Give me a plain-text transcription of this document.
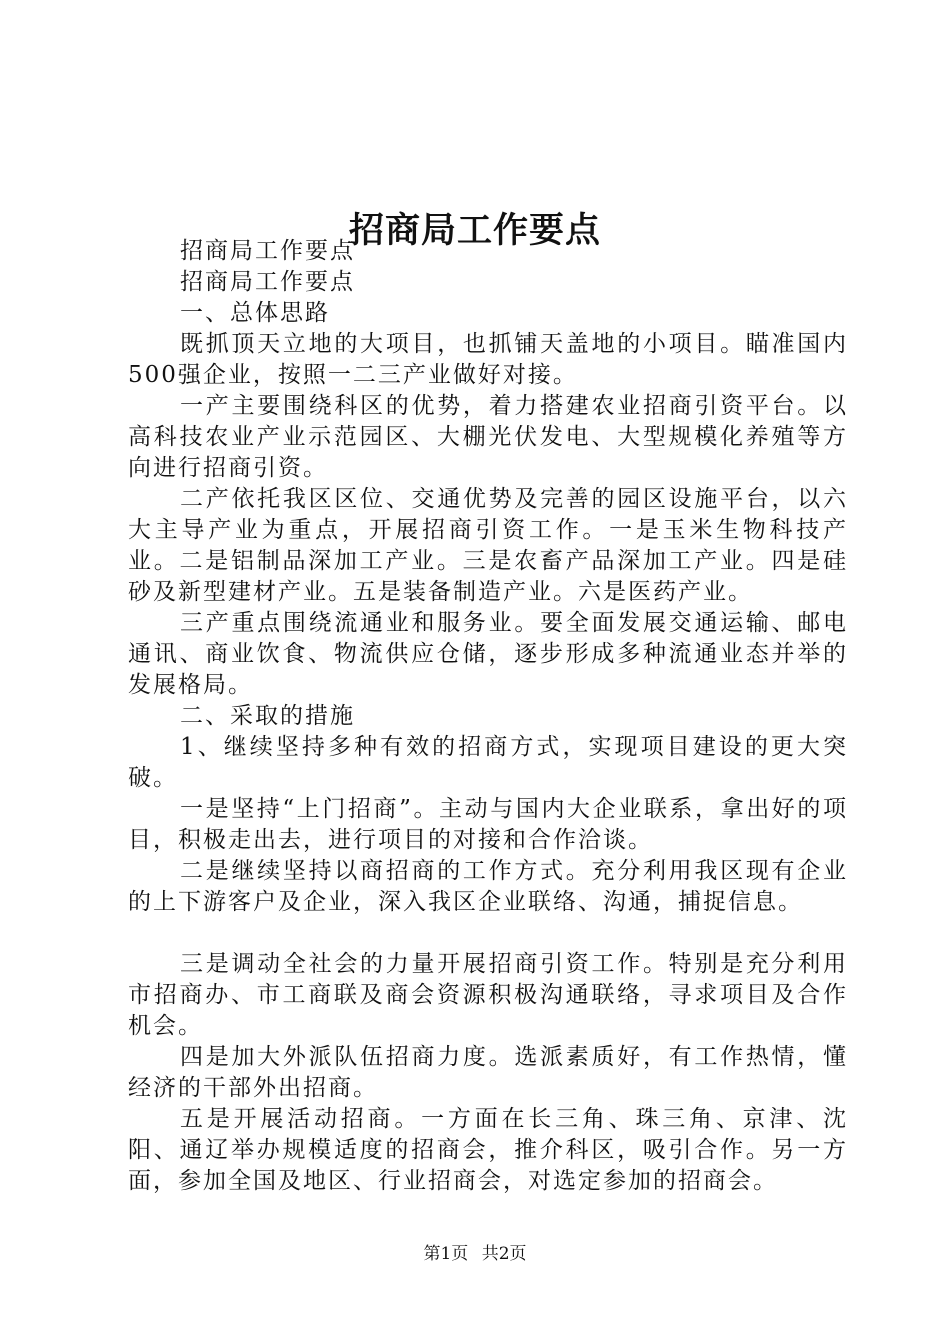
招商局工作要点

招商局工作要点

招商局工作要点

一、总体思路

既抓顶天立地的大项目，也抓铺天盖地的小项目。瞄准国内500强企业，按照一二三产业做好对接。

一产主要围绕科区的优势，着力搭建农业招商引资平台。以高科技农业产业示范园区、大棚光伏发电、大型规模化养殖等方向进行招商引资。

二产依托我区区位、交通优势及完善的园区设施平台，以六大主导产业为重点，开展招商引资工作。一是玉米生物科技产业。二是铝制品深加工产业。三是农畜产品深加工产业。四是硅砂及新型建材产业。五是装备制造产业。六是医药产业。

三产重点围绕流通业和服务业。要全面发展交通运输、邮电通讯、商业饮食、物流供应仓储，逐步形成多种流通业态并举的发展格局。

二、采取的措施

1、继续坚持多种有效的招商方式，实现项目建设的更大突破。

一是坚持“上门招商”。主动与国内大企业联系，拿出好的项目，积极走出去，进行项目的对接和合作洽谈。

二是继续坚持以商招商的工作方式。充分利用我区现有企业的上下游客户及企业，深入我区企业联络、沟通，捕捉信息。

三是调动全社会的力量开展招商引资工作。特别是充分利用市招商办、市工商联及商会资源积极沟通联络，寻求项目及合作机会。

四是加大外派队伍招商力度。选派素质好，有工作热情，懂经济的干部外出招商。

五是开展活动招商。一方面在长三角、珠三角、京津、沈阳、通辽举办规模适度的招商会，推介科区，吸引合作。另一方面，参加全国及地区、行业招商会，对选定参加的招商会。

第1页 共2页
